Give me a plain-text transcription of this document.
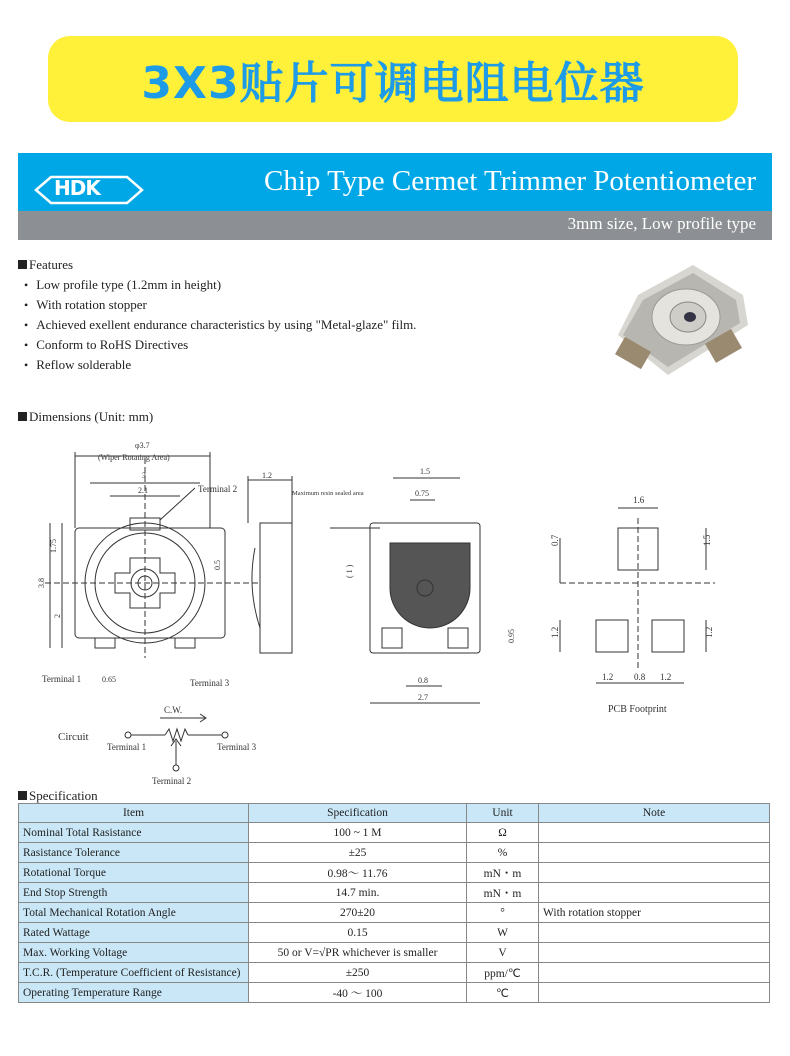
3X3贴片可调电阻电位器
HDK	Chip Type Cermet Trimmer Potentiometer
3mm size, Low profile type
Features
• Low profile type (1.2mm in height)
• With rotation stopper
• Achieved exellent endurance characteristics by using "Metal-glaze" film.
• Conform to RoHS Directives
• Reflow solderable
Dimensions (Unit: mm)
φ3.7
(Wiper Rotating Area)
3
2.1	Terminal 2
Terminal 1	0.65	Terminal 3
1.75
3.8
2
0.5
1.2	1.5
0.75
Maximum resin sealed area
( 1 )
0.95
0.8
2.7
1.6
0.7	1.5
1.2	1.2
1.2 0.8 1.2
PCB Footprint
Circuit
C.W.
Terminal 1	Terminal 3
Terminal 2
Specification
Item	Specification	Unit	Note
Nominal Total Rasistance	100 ~ 1 M	Ω	
Rasistance Tolerance	±25	%	
Rotational Torque	0.98～ 11.76	mN・m	
End Stop Strength	14.7 min.	mN・m	
Total Mechanical Rotation Angle	270±20	°	With rotation stopper
Rated Wattage	0.15	W	
Max. Working Voltage	50 or V=√PR whichever is smaller	V	
T.C.R. (Temperature Coefficient of Resistance)	±250	ppm/℃	
Operating Temperature Range	-40 ～ 100	℃	
